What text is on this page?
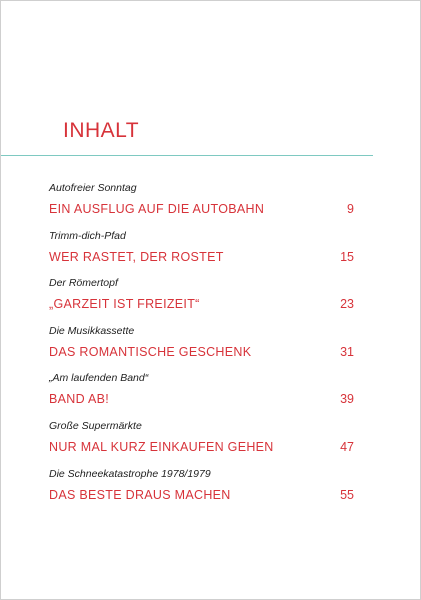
INHALT
Autofreier Sonntag
EIN AUSFLUG AUF DIE AUTOBAHN	9
Trimm-dich-Pfad
WER RASTET, DER ROSTET	15
Der Römertopf
„GARZEIT IST FREIZEIT“	23
Die Musikkassette
DAS ROMANTISCHE GESCHENK	31
„Am laufenden Band“
BAND AB!	39
Große Supermärkte
NUR MAL KURZ EINKAUFEN GEHEN	47
Die Schneekatastrophe 1978/1979
DAS BESTE DRAUS MACHEN	55
